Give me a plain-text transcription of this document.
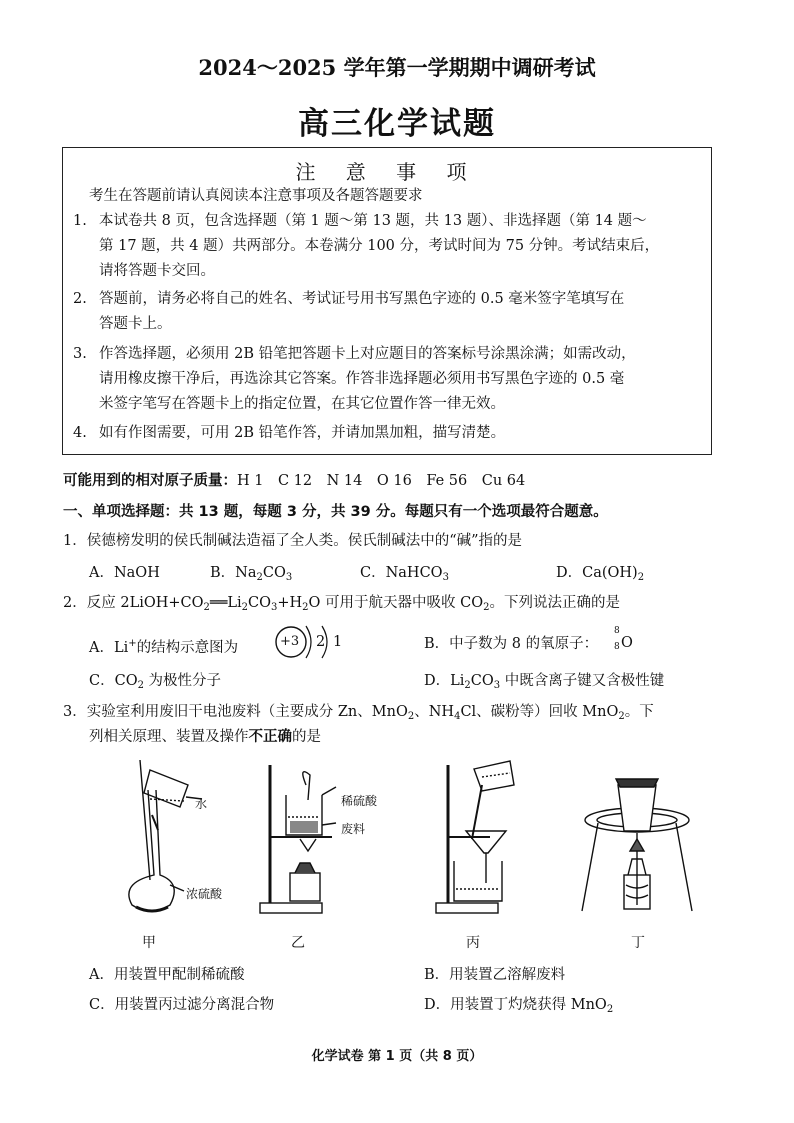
2024～2025 学年第一学期期中调研考试
高三化学试题
注 意 事 项
考生在答题前请认真阅读本注意事项及各题答题要求
1. 本试卷共 8 页，包含选择题（第 1 题～第 13 题，共 13 题）、非选择题（第 14 题～
第 17 题，共 4 题）共两部分。本卷满分 100 分，考试时间为 75 分钟。考试结束后，
请将答题卡交回。
2. 答题前，请务必将自己的姓名、考试证号用书写黑色字迹的 0.5 毫米签字笔填写在
答题卡上。
3. 作答选择题，必须用 2B 铅笔把答题卡上对应题目的答案标号涂黑涂满；如需改动，
请用橡皮擦干净后，再选涂其它答案。作答非选择题必须用书写黑色字迹的 0.5 毫
米签字笔写在答题卡上的指定位置，在其它位置作答一律无效。
4. 如有作图需要，可用 2B 铅笔作答，并请加黑加粗，描写清楚。
可能用到的相对原子质量：H 1　C 12　N 14　O 16　Fe 56　Cu 64
一、单项选择题：共 13 题，每题 3 分，共 39 分。每题只有一个选项最符合题意。
1．侯德榜发明的侯氏制碱法造福了全人类。侯氏制碱法中的“碱”指的是
A．NaOH	B．$Na_2CO_3$	C．NaHCO$_3$	D．$Ca(OH)_2$
2．反应 $2LiOH+CO_2══Li_2CO_3+H_2O$ 可用于航天器中吸收 $CO_2$。下列说法正确的是
A．Li+的结构示意图为	+3 2 1	B．中子数为 8 的氧原子：
8
8 O
C．$CO_2$ 为极性分子	D．$Li_2CO_3$ 中既含离子键又含极性键
3．实验室利用废旧干电池废料（主要成分 Zn、MnO$_2$、$NH_4Cl$、碳粉等）回收 MnO$_2$。下
列相关原理、装置及操作不正确的是
水
浓硫酸
稀硫酸
废料
甲	乙	丙	丁
A．用装置甲配制稀硫酸	B．用装置乙溶解废料
C．用装置丙过滤分离混合物	D．用装置丁灼烧获得 MnO$_2$
化学试卷 第 1 页（共 8 页）
